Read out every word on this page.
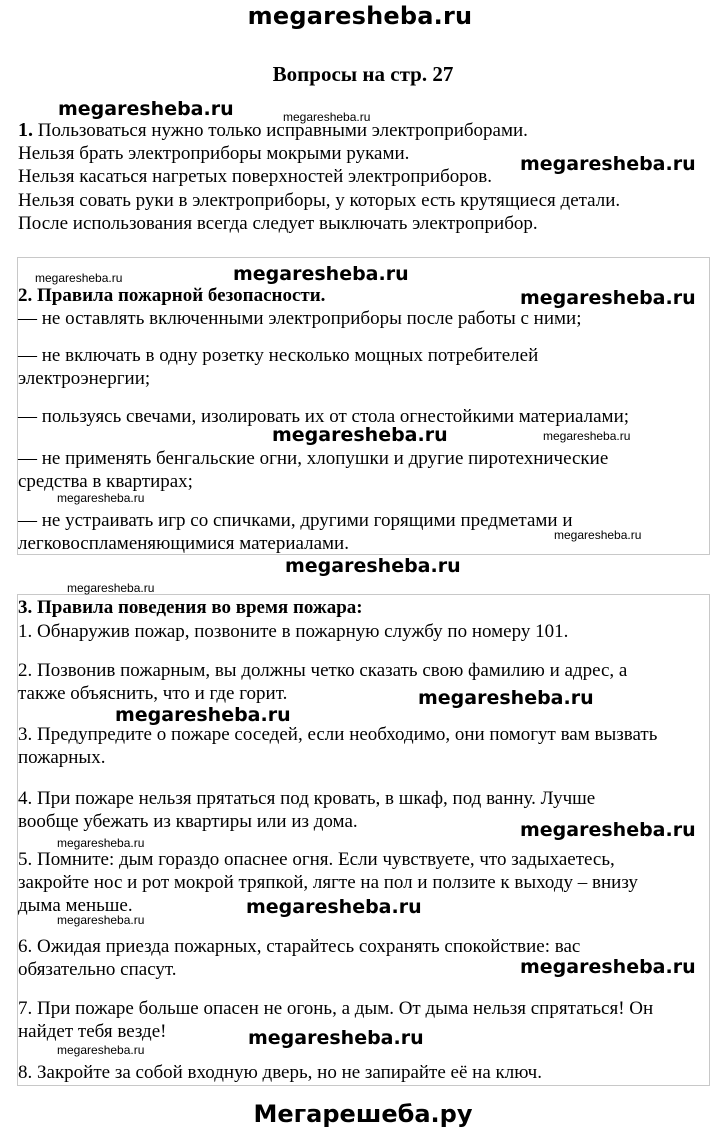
megaresheba.ru
Вопросы на стр. 27
1. Пользоваться нужно только исправными электроприборами.
Нельзя брать электроприборы мокрыми руками.
Нельзя касаться нагретых поверхностей электроприборов.
Нельзя совать руки в электроприборы, у которых есть крутящиеся детали.
После использования всегда следует выключать электроприбор.
2. Правила пожарной безопасности.
— не оставлять включенными электроприборы после работы с ними;
— не включать в одну розетку несколько мощных потребителей
электроэнергии;
— пользуясь свечами, изолировать их от стола огнестойкими материалами;
— не применять бенгальские огни, хлопушки и другие пиротехнические
средства в квартирах;
— не устраивать игр со спичками, другими горящими предметами и
легковоспламеняющимися материалами.
3. Правила поведения во время пожара:
1. Обнаружив пожар, позвоните в пожарную службу по номеру 101.
2. Позвонив пожарным, вы должны четко сказать свою фамилию и адрес, а
также объяснить, что и где горит.
3. Предупредите о пожаре соседей, если необходимо, они помогут вам вызвать
пожарных.
4. При пожаре нельзя прятаться под кровать, в шкаф, под ванну. Лучше
вообще убежать из квартиры или из дома.
5. Помните: дым гораздо опаснее огня. Если чувствуете, что задыхаетесь,
закройте нос и рот мокрой тряпкой, лягте на пол и ползите к выходу – внизу
дыма меньше.
6. Ожидая приезда пожарных, старайтесь сохранять спокойствие: вас
обязательно спасут.
7. При пожаре больше опасен не огонь, а дым. От дыма нельзя спрятаться! Он
найдет тебя везде!
8. Закройте за собой входную дверь, но не запирайте её на ключ.
megaresheba.ru	megaresheba.ru
megaresheba.ru
megaresheba.ru	megaresheba.ru
megaresheba.ru
megaresheba.ru	megaresheba.ru
megaresheba.ru
megaresheba.ru
megaresheba.ru
megaresheba.ru
megaresheba.ru
megaresheba.ru
megaresheba.ru
megaresheba.ru
megaresheba.ru
megaresheba.ru
megaresheba.ru
megaresheba.ru
megaresheba.ru
Мегарешеба.ру
